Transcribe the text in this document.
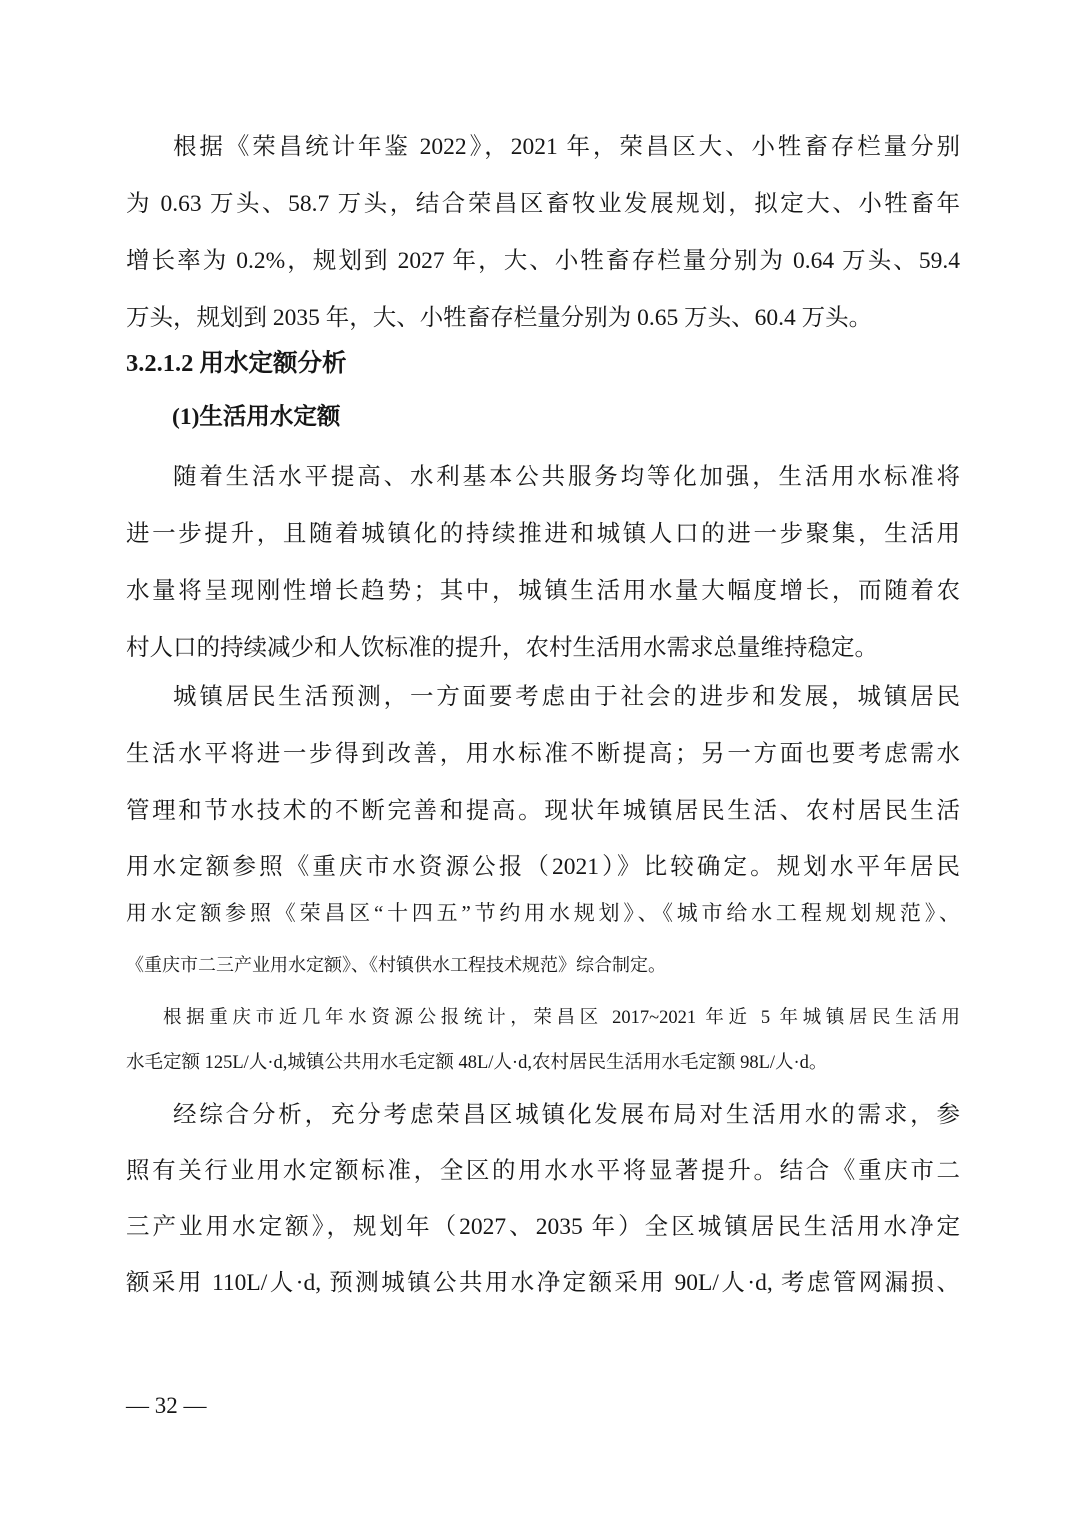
根据《荣昌统计年鉴 2022》，2021 年，荣昌区大、小牲畜存栏量分别
为 0.63 万头、58.7 万头，结合荣昌区畜牧业发展规划，拟定大、小牲畜年
增长率为 0.2%，规划到 2027 年，大、小牲畜存栏量分别为 0.64 万头、59.4
万头，规划到 2035 年，大、小牲畜存栏量分别为 0.65 万头、60.4 万头。
3.2.1.2 用水定额分析
(1)生活用水定额
随着生活水平提高、水利基本公共服务均等化加强，生活用水标准将
进一步提升，且随着城镇化的持续推进和城镇人口的进一步聚集，生活用
水量将呈现刚性增长趋势；其中，城镇生活用水量大幅度增长，而随着农
村人口的持续减少和人饮标准的提升，农村生活用水需求总量维持稳定。
城镇居民生活预测，一方面要考虑由于社会的进步和发展，城镇居民
生活水平将进一步得到改善，用水标准不断提高；另一方面也要考虑需水
管理和节水技术的不断完善和提高。现状年城镇居民生活、农村居民生活
用水定额参照《重庆市水资源公报（2021）》比较确定。规划水平年居民
用水定额参照《荣昌区“十四五”节约用水规划》、《城市给水工程规划规范》、
《重庆市二三产业用水定额》、《村镇供水工程技术规范》综合制定。
根据重庆市近几年水资源公报统计，荣昌区 2017~2021 年近 5 年城镇居民生活用
水毛定额 125L/人·d,城镇公共用水毛定额 48L/人·d,农村居民生活用水毛定额 98L/人·d。
经综合分析，充分考虑荣昌区城镇化发展布局对生活用水的需求，参
照有关行业用水定额标准，全区的用水水平将显著提升。结合《重庆市二
三产业用水定额》，规划年（2027、2035 年）全区城镇居民生活用水净定
额采用 110L/人·d, 预测城镇公共用水净定额采用 90L/人·d, 考虑管网漏损、
— 32 —
